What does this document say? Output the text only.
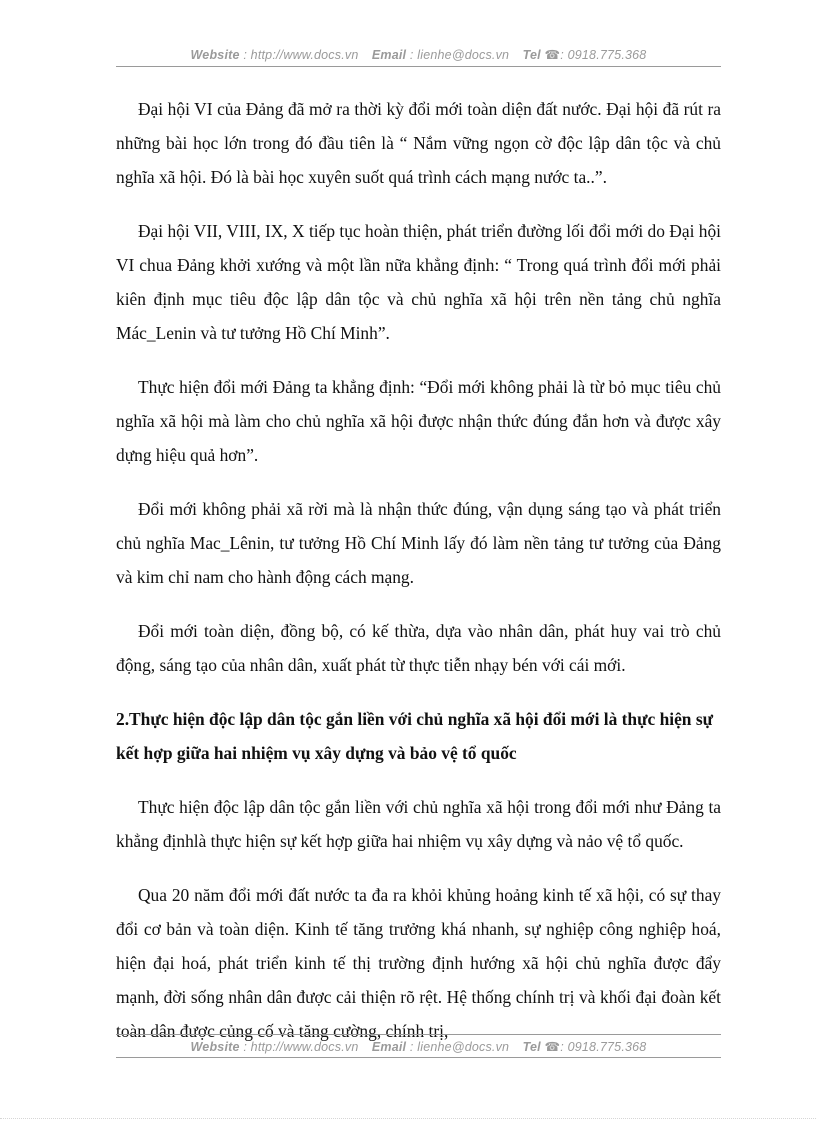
Website : http://www.docs.vn Email : lienhe@docs.vn Tel ☎: 0918.775.368

Đại hội VI của Đảng đã mở ra thời kỳ đổi mới toàn diện đất nước. Đại hội đã rút ra những bài học lớn trong đó đầu tiên là “ Nắm vững ngọn cờ độc lập dân tộc và chủ nghĩa xã hội. Đó là bài học xuyên suốt quá trình cách mạng nước ta..”.

Đại hội VII, VIII, IX, X tiếp tục hoàn thiện, phát triển đường lối đổi mới do Đại hội VI chua Đảng khởi xướng và một lần nữa khẳng định: “ Trong quá trình đổi mới phải kiên định mục tiêu độc lập dân tộc và chủ nghĩa xã hội trên nền tảng chủ nghĩa Mác_Lenin và tư tưởng Hồ Chí Minh”.

Thực hiện đổi mới Đảng ta khẳng định: “Đổi mới không phải là từ bỏ mục tiêu chủ nghĩa xã hội mà làm cho chủ nghĩa xã hội được nhận thức đúng đắn hơn và được xây dựng hiệu quả hơn”.

Đổi mới không phải xã rời mà là nhận thức đúng, vận dụng sáng tạo và phát triển chủ nghĩa Mac_Lênin, tư tưởng Hồ Chí Minh lấy đó làm nền tảng tư tưởng của Đảng và kim chỉ nam cho hành động cách mạng.

Đổi mới toàn diện, đồng bộ, có kế thừa, dựa vào nhân dân, phát huy vai trò chủ động, sáng tạo của nhân dân, xuất phát từ thực tiễn nhạy bén với cái mới.

2.Thực hiện độc lập dân tộc gắn liền với chủ nghĩa xã hội đổi mới là thực hiện sự kết hợp giữa hai nhiệm vụ xây dựng và bảo vệ tổ quốc

Thực hiện độc lập dân tộc gắn liền với chủ nghĩa xã hội trong đổi mới như Đảng ta khẳng địnhlà thực hiện sự kết hợp giữa hai nhiệm vụ xây dựng và nảo vệ tổ quốc.

Qua 20 năm đổi mới đất nước ta đa ra khỏi khủng hoảng kinh tế xã hội, có sự thay đổi cơ bản và toàn diện. Kinh tế tăng trưởng khá nhanh, sự nghiệp công nghiệp hoá, hiện đại hoá, phát triển kinh tế thị trường định hướng xã hội chủ nghĩa được đẩy mạnh, đời sống nhân dân được cải thiện rõ rệt. Hệ thống chính trị và khối đại đoàn kết toàn dân được củng cố và tăng cường, chính trị,

Website : http://www.docs.vn Email : lienhe@docs.vn Tel ☎: 0918.775.368
